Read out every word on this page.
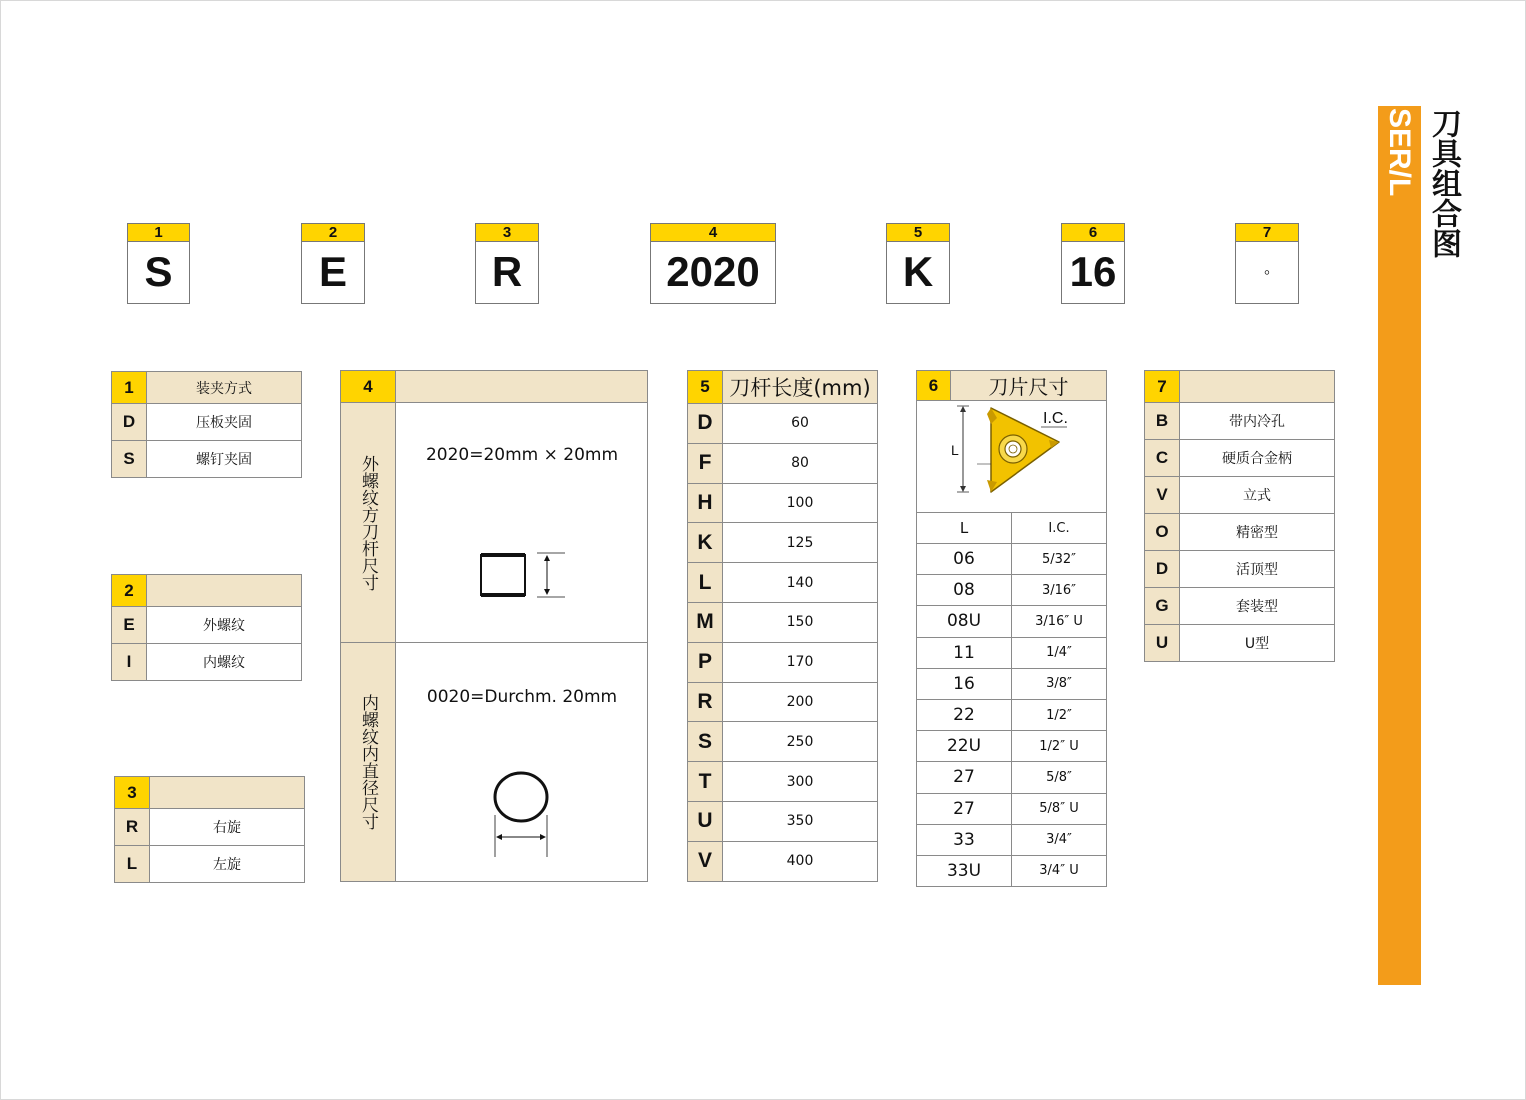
SER/L 刀具组合图
1
S
2
E
3
R
4
2020
5
K
6
16
7
◦
1	装夹方式
D	压板夹固
S	螺钉夹固
2	
E	外螺纹
I	内螺纹
3	
R	右旋
L	左旋
4
外螺纹方刀杆尺寸
内螺纹内直径尺寸
2020=20mm × 20mm
0020=Durchm. 20mm
5	刀杆长度(mm)
D	60
F	80
H	100
K	125
L	140
M	150
P	170
R	200
S	250
T	300
U	350
V	400
6	刀片尺寸	

L		I.C.
06		5/32″
08		3/16″
08U		3/16″ U
11		1/4″
16		3/8″
22		1/2″
22U		1/2″ U
27		5/8″
27		5/8″ U
33		3/4″
33U		3/4″ U
L
I.C.
7	
B	带内冷孔
C	硬质合金柄
V	立式
O	精密型
D	活顶型
G	套装型
U	U型
